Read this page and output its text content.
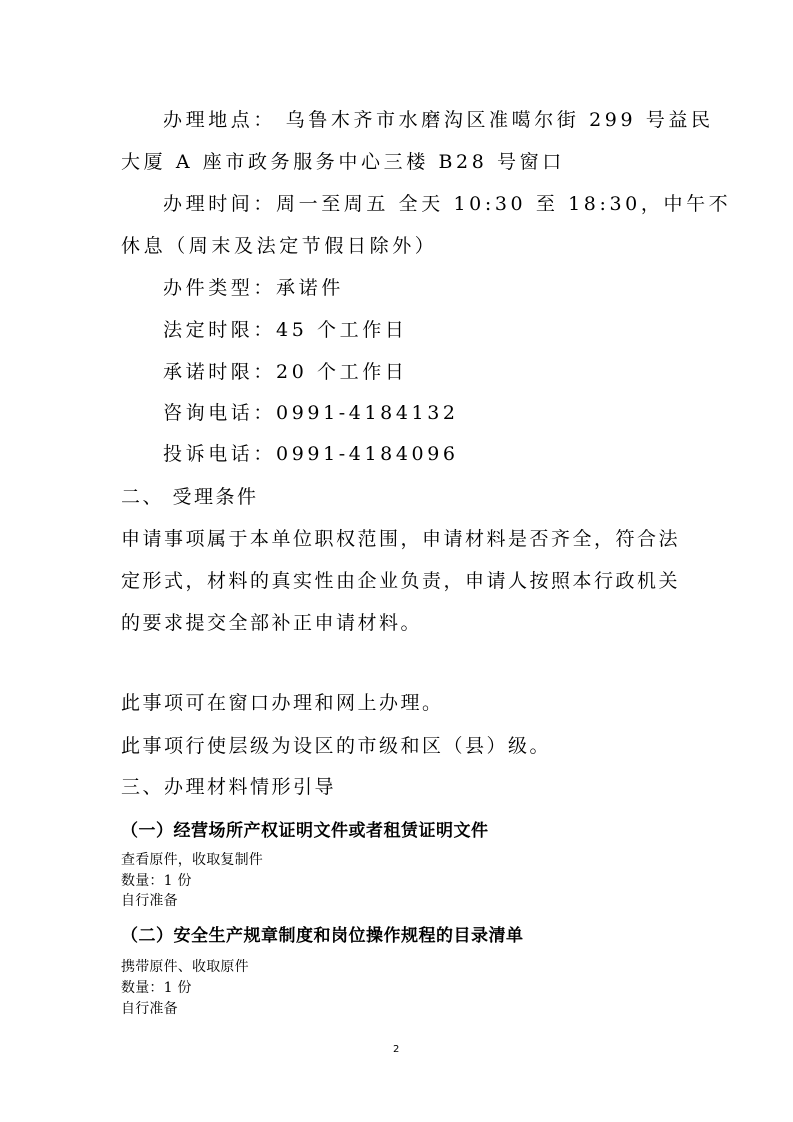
办理地点： 乌鲁木齐市水磨沟区准噶尔街 299 号益民
大厦 A 座市政务服务中心三楼 B28 号窗口
办理时间：周一至周五 全天 10:30 至 18:30，中午不
休息（周末及法定节假日除外）
办件类型：承诺件
法定时限：45 个工作日
承诺时限：20 个工作日
咨询电话：0991-4184132
投诉电话：0991-4184096
二、 受理条件
申请事项属于本单位职权范围，申请材料是否齐全，符合法
定形式，材料的真实性由企业负责，申请人按照本行政机关
的要求提交全部补正申请材料。
此事项可在窗口办理和网上办理。
此事项行使层级为设区的市级和区（县）级。
三、办理材料情形引导
（一）经营场所产权证明文件或者租赁证明文件
查看原件，收取复制件
数量：1 份
自行准备
（二）安全生产规章制度和岗位操作规程的目录清单
携带原件、收取原件
数量：1 份
自行准备
2
